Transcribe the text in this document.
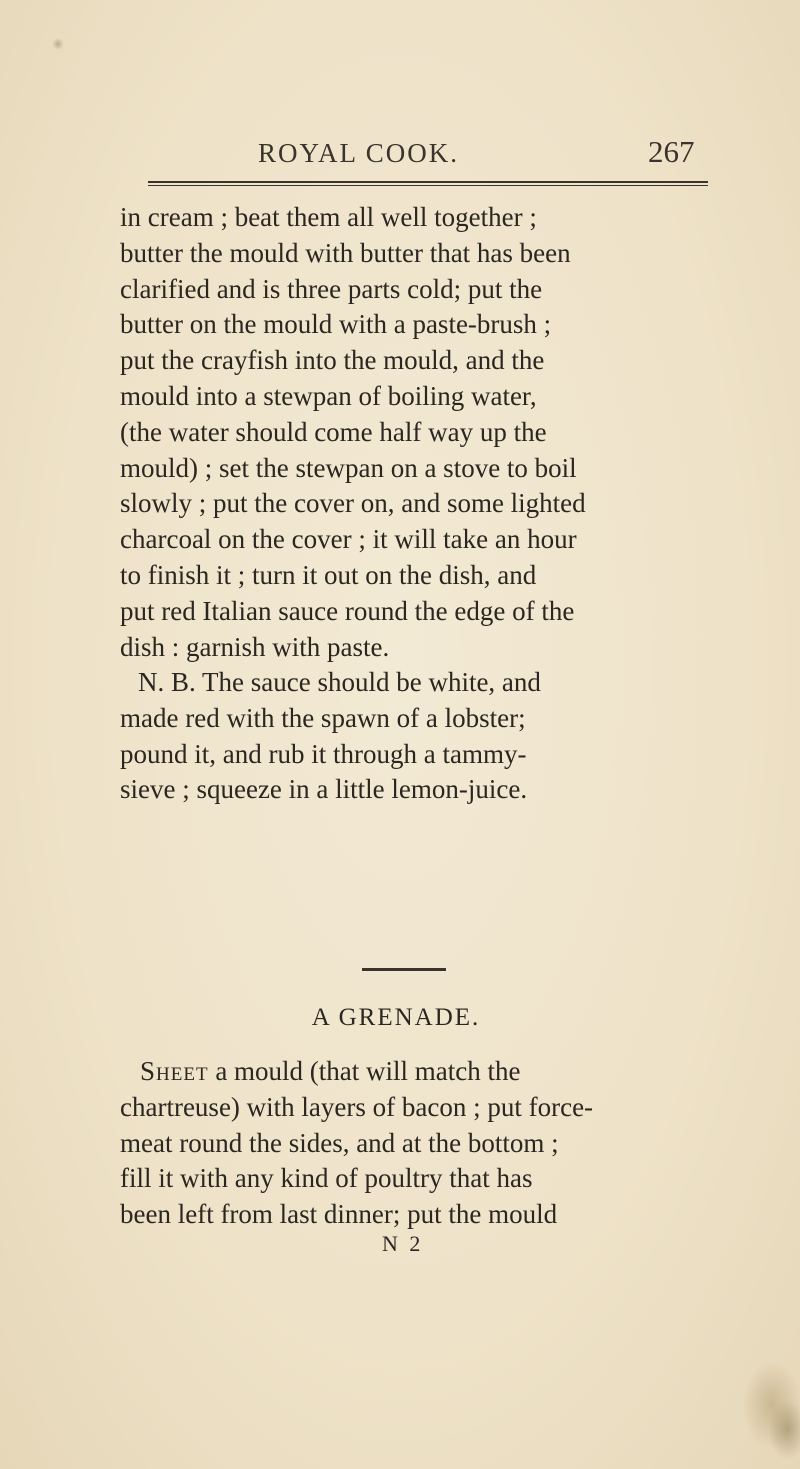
ROYAL COOK.	267

in cream ; beat them all well together ;

butter the mould with butter that has been

clarified and is three parts cold; put the

butter on the mould with a paste-brush ;

put the crayfish into the mould, and the

mould into a stewpan of boiling water,

(the water should come half way up the

mould) ; set the stewpan on a stove to boil

slowly ; put the cover on, and some lighted

charcoal on the cover ; it will take an hour

to finish it ; turn it out on the dish, and

put red Italian sauce round the edge of the

dish : garnish with paste.

N. B. The sauce should be white, and

made red with the spawn of a lobster;

pound it, and rub it through a tammy-

sieve ; squeeze in a little lemon-juice.

A GRENADE.

Sheet a mould (that will match the

chartreuse) with layers of bacon ; put force-

meat round the sides, and at the bottom ;

fill it with any kind of poultry that has

been left from last dinner; put the mould

N 2
